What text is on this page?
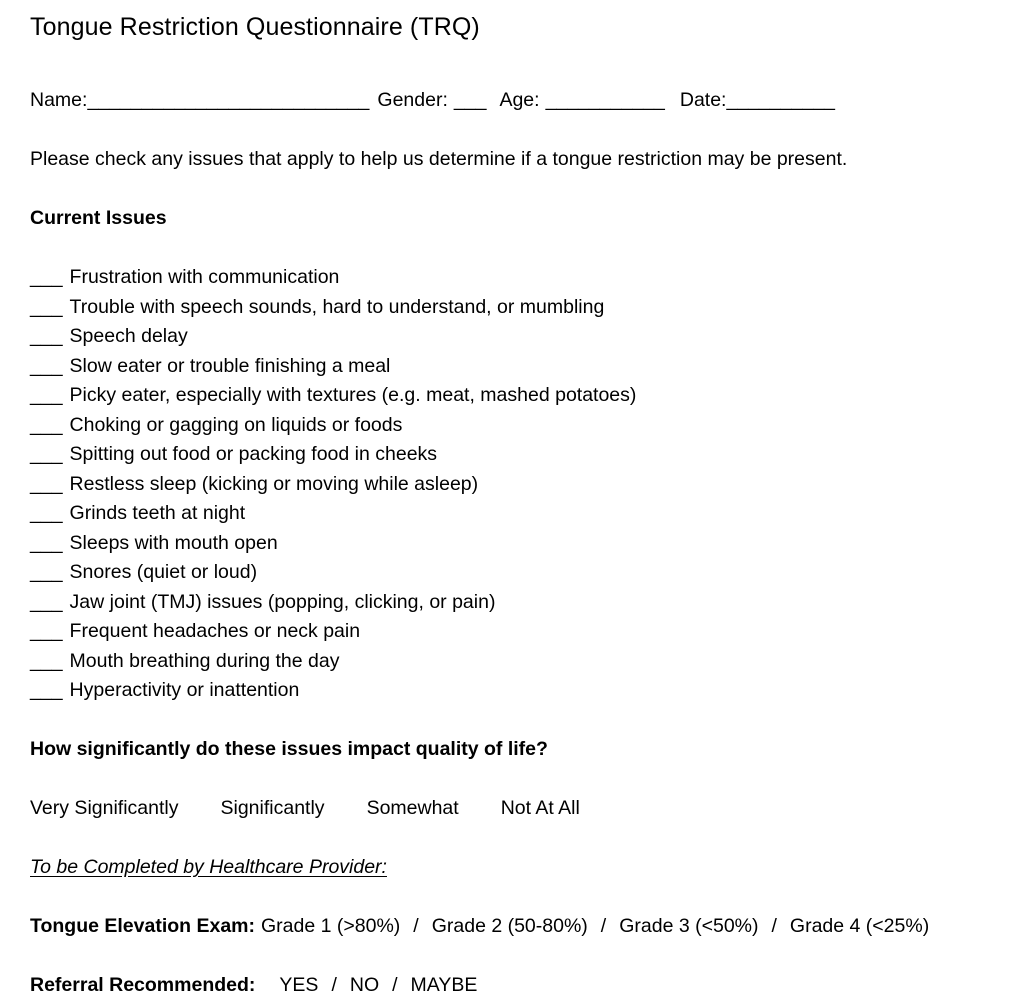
Tongue Restriction Questionnaire (TRQ)
Name:__________________________ Gender: ___ Age: ___________ Date:__________
Please check any issues that apply to help us determine if a tongue restriction may be present.
Current Issues
___ Frustration with communication
___ Trouble with speech sounds, hard to understand, or mumbling
___ Speech delay
___ Slow eater or trouble finishing a meal
___ Picky eater, especially with textures (e.g. meat, mashed potatoes)
___ Choking or gagging on liquids or foods
___ Spitting out food or packing food in cheeks
___ Restless sleep (kicking or moving while asleep)
___ Grinds teeth at night
___ Sleeps with mouth open
___ Snores (quiet or loud)
___ Jaw joint (TMJ) issues (popping, clicking, or pain)
___ Frequent headaches or neck pain
___ Mouth breathing during the day
___ Hyperactivity or inattention
How significantly do these issues impact quality of life?
Very Significantly Significantly Somewhat Not At All
To be Completed by Healthcare Provider:
Tongue Elevation Exam: Grade 1 (>80%) / Grade 2 (50-80%) / Grade 3 (<50%) / Grade 4 (<25%)
Referral Recommended: YES / NO / MAYBE
